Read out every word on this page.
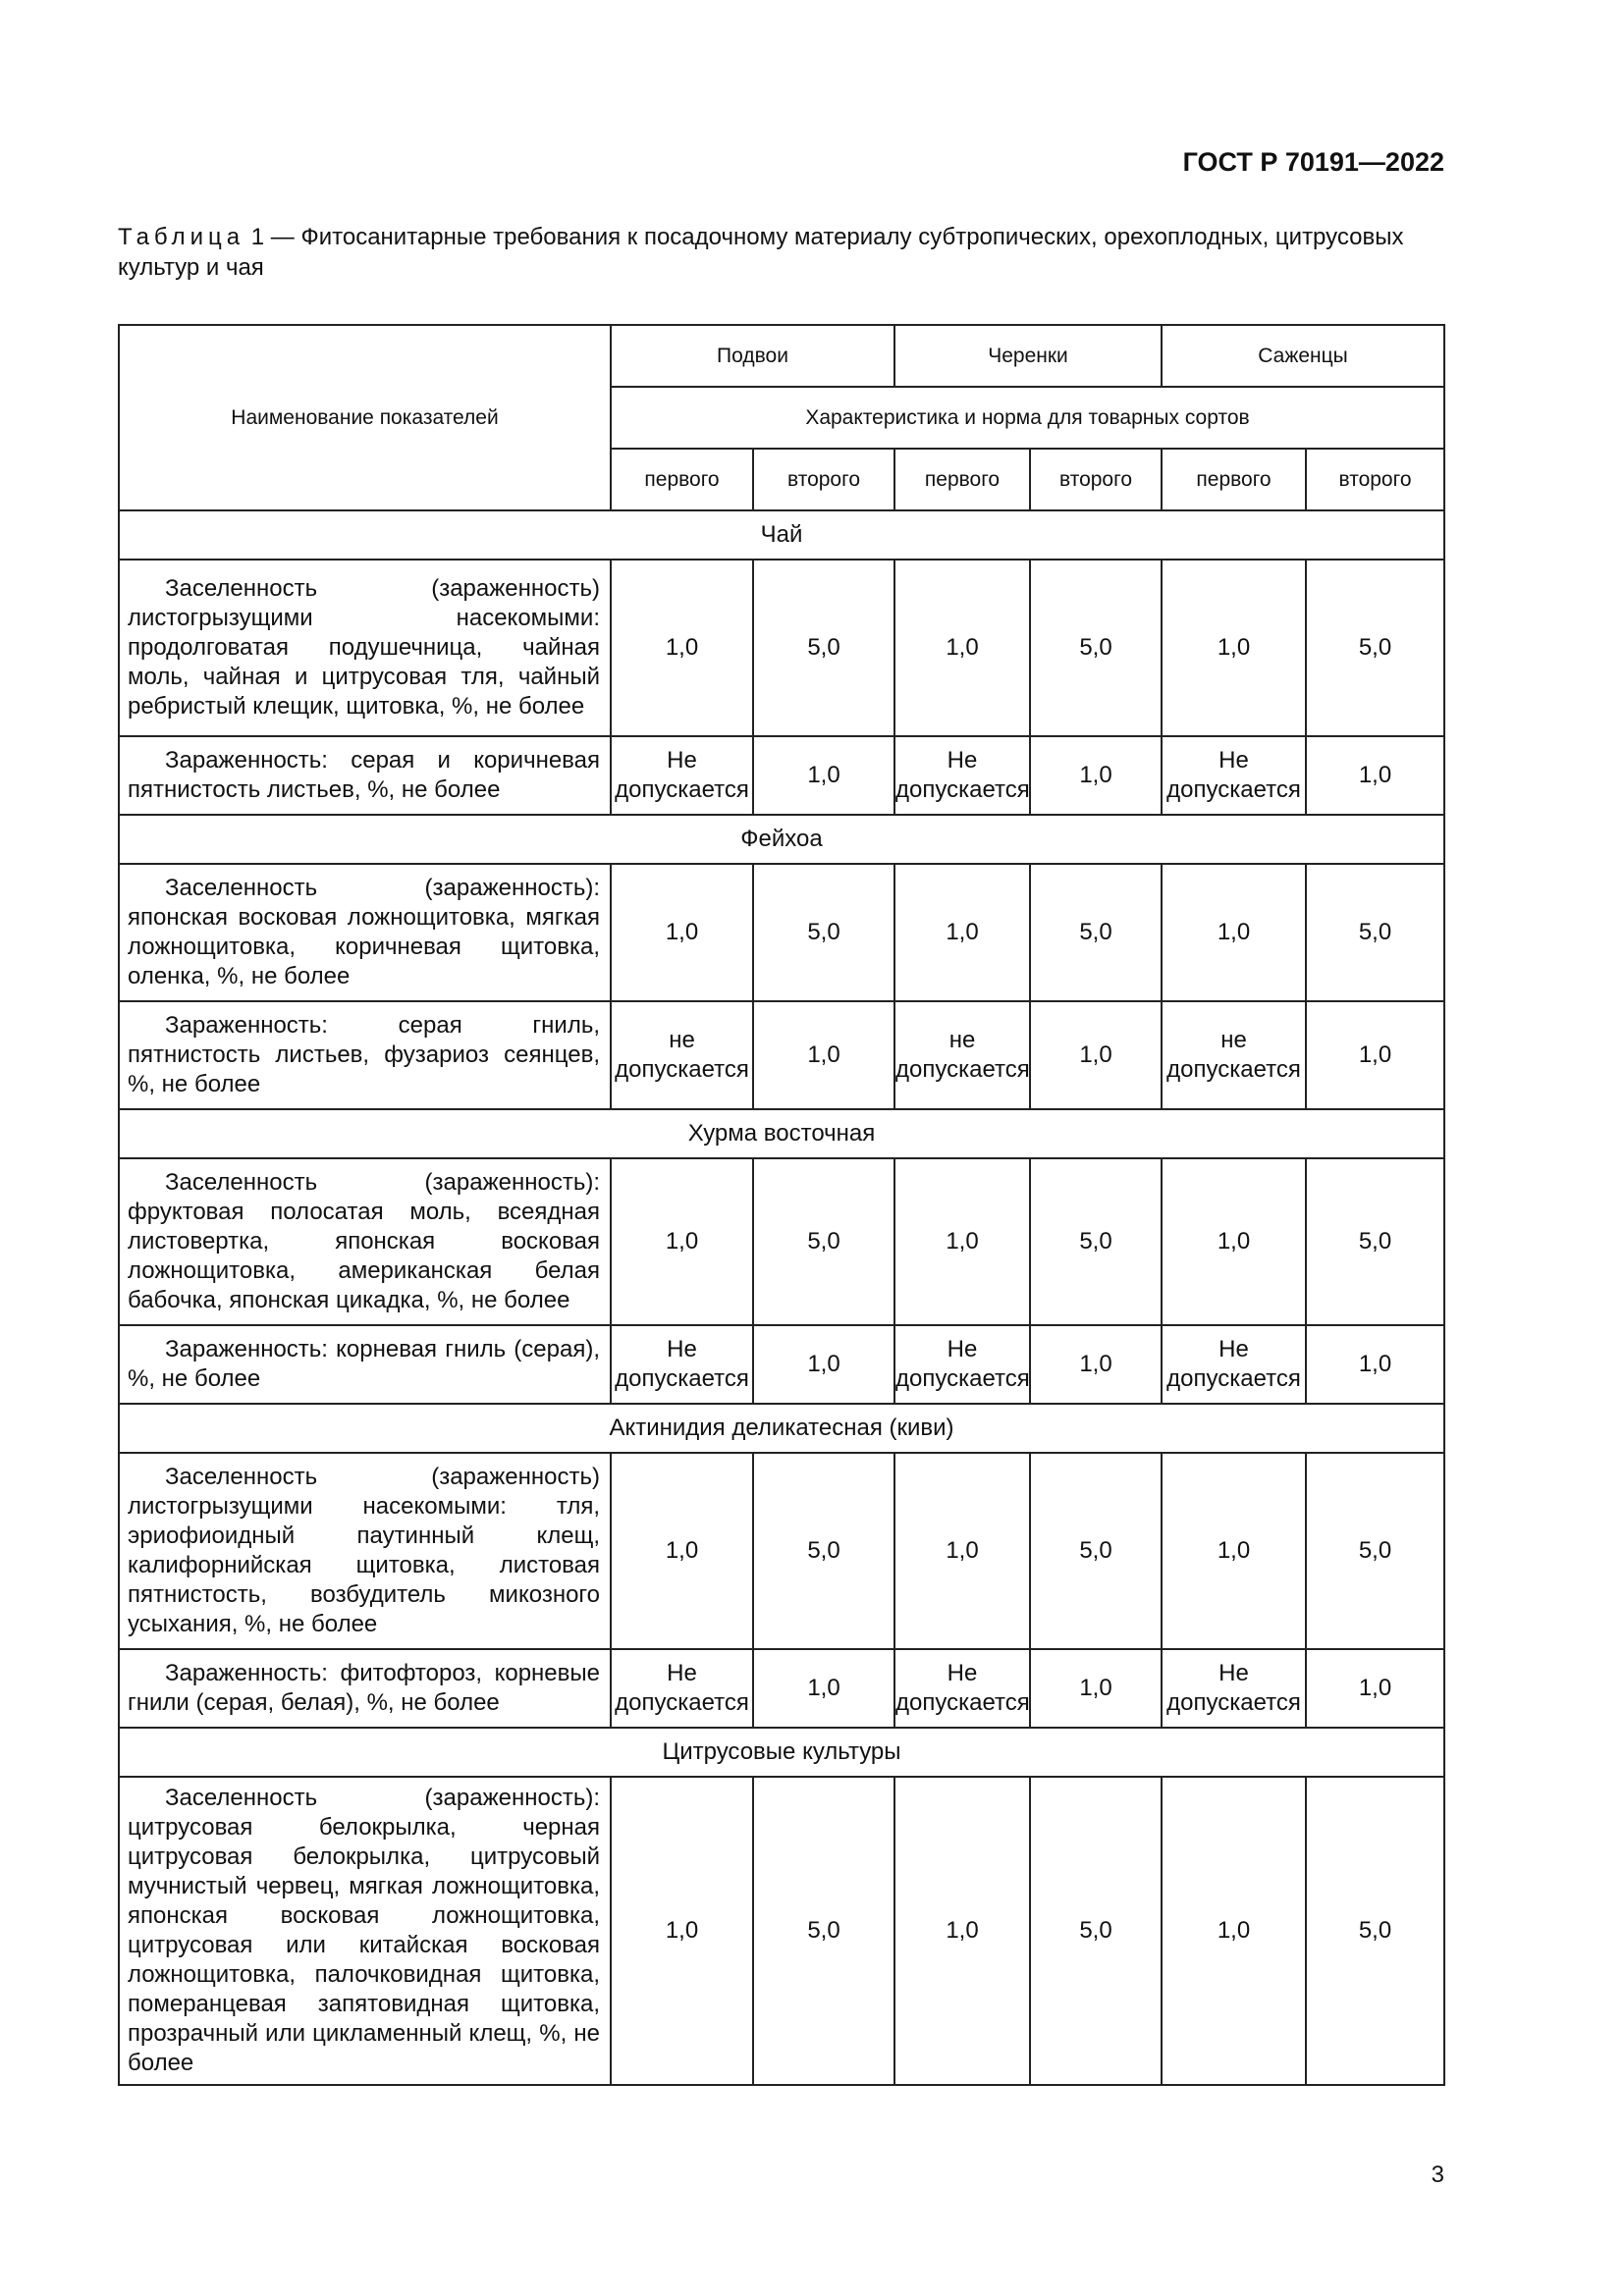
ГОСТ Р 70191—2022
Таблица 1 — Фитосанитарные требования к посадочному материалу субтропических, орехоплодных, цитрусовых культур и чая
Наименование показателей	Подвои		Черенки		Саженцы	
	Характеристика и норма для товарных сортов					
	первого	второго	первого	второго	первого	второго
Чай						
Заселенность (зараженность) листогрызущими насекомыми: продолговатая подушечница, чайная моль, чайная и цитрусовая тля, чайный ребристый клещик, щитовка, %, не более	1,0	5,0	1,0	5,0	1,0	5,0
Зараженность: серая и коричневая пятнистость листьев, %, не более	Не допускается	1,0	Не допускается	1,0	Не допускается	1,0
Фейхоа						
Заселенность (зараженность): японская восковая ложнощитовка, мягкая ложнощитовка, коричневая щитовка, оленка, %, не более	1,0	5,0	1,0	5,0	1,0	5,0
Зараженность: серая гниль, пятнистость листьев, фузариоз сеянцев, %, не более	не допускается	1,0	не допускается	1,0	не допускается	1,0
Хурма восточная						
Заселенность (зараженность): фруктовая полосатая моль, всеядная листовертка, японская восковая ложнощитовка, американская белая бабочка, японская цикадка, %, не более	1,0	5,0	1,0	5,0	1,0	5,0
Зараженность: корневая гниль (серая), %, не более	Не допускается	1,0	Не допускается	1,0	Не допускается	1,0
Актинидия деликатесная (киви)						
Заселенность (зараженность) листогрызущими насекомыми: тля, эриофиоидный паутинный клещ, калифорнийская щитовка, листовая пятнистость, возбудитель микозного усыхания, %, не более	1,0	5,0	1,0	5,0	1,0	5,0
Зараженность: фитофтороз, корневые гнили (серая, белая), %, не более	Не допускается	1,0	Не допускается	1,0	Не допускается	1,0
Цитрусовые культуры						
Заселенность (зараженность): цитрусовая белокрылка, черная цитрусовая белокрылка, цитрусовый мучнистый червец, мягкая ложнощитовка, японская восковая ложнощитовка, цитрусовая или китайская восковая ложнощитовка, палочковидная щитовка, померанцевая запятовидная щитовка, прозрачный или цикламенный клещ, %, не более	1,0	5,0	1,0	5,0	1,0	5,0
3
